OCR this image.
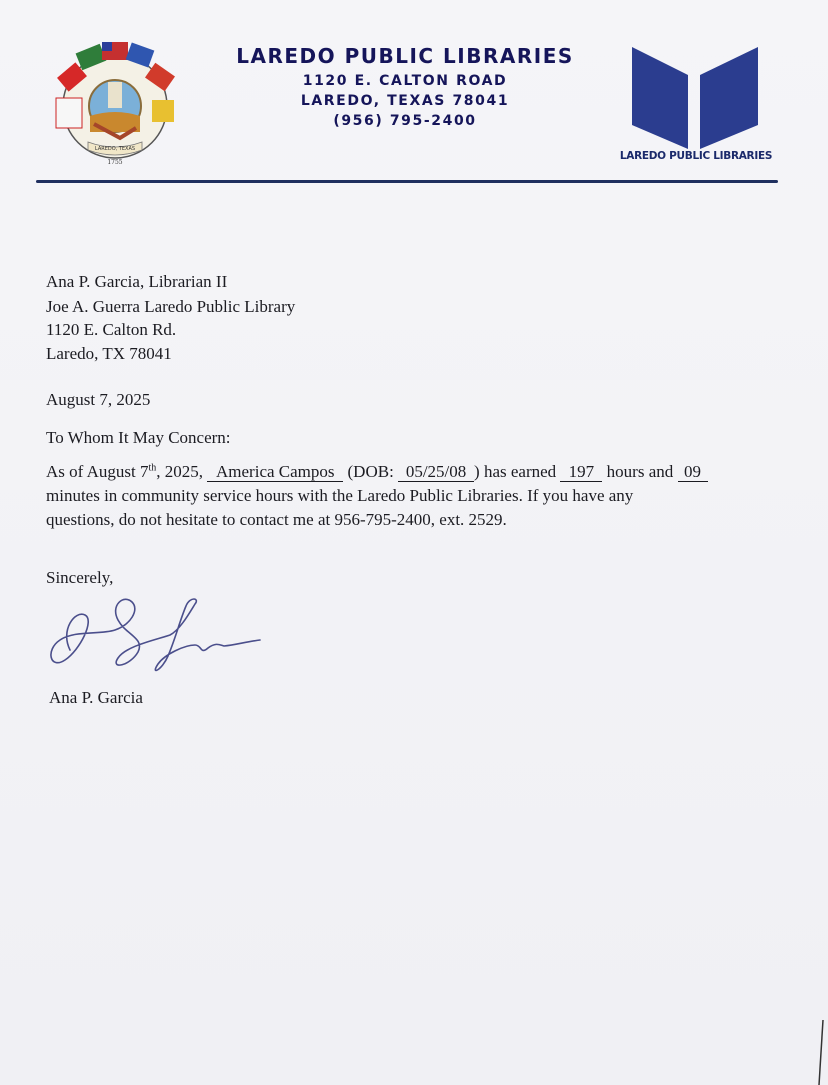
LAREDO, TEXAS
1755
LAREDO PUBLIC LIBRARIES
1120 E. CALTON ROAD
LAREDO, TEXAS 78041
(956) 795-2400
LAREDO PUBLIC LIBRARIES
Ana P. Garcia, Librarian II
Joe A. Guerra Laredo Public Library
1120 E. Calton Rd.
Laredo, TX 78041
August 7, 2025
To Whom It May Concern:

As of August 7th, 2025, America Campos (DOB: 05/25/08 ) has earned 197 hours and 09

minutes in community service hours with the Laredo Public Libraries. If you have any

questions, do not hesitate to contact me at 956-795-2400, ext. 2529.

Sincerely,
Ana P. Garcia
